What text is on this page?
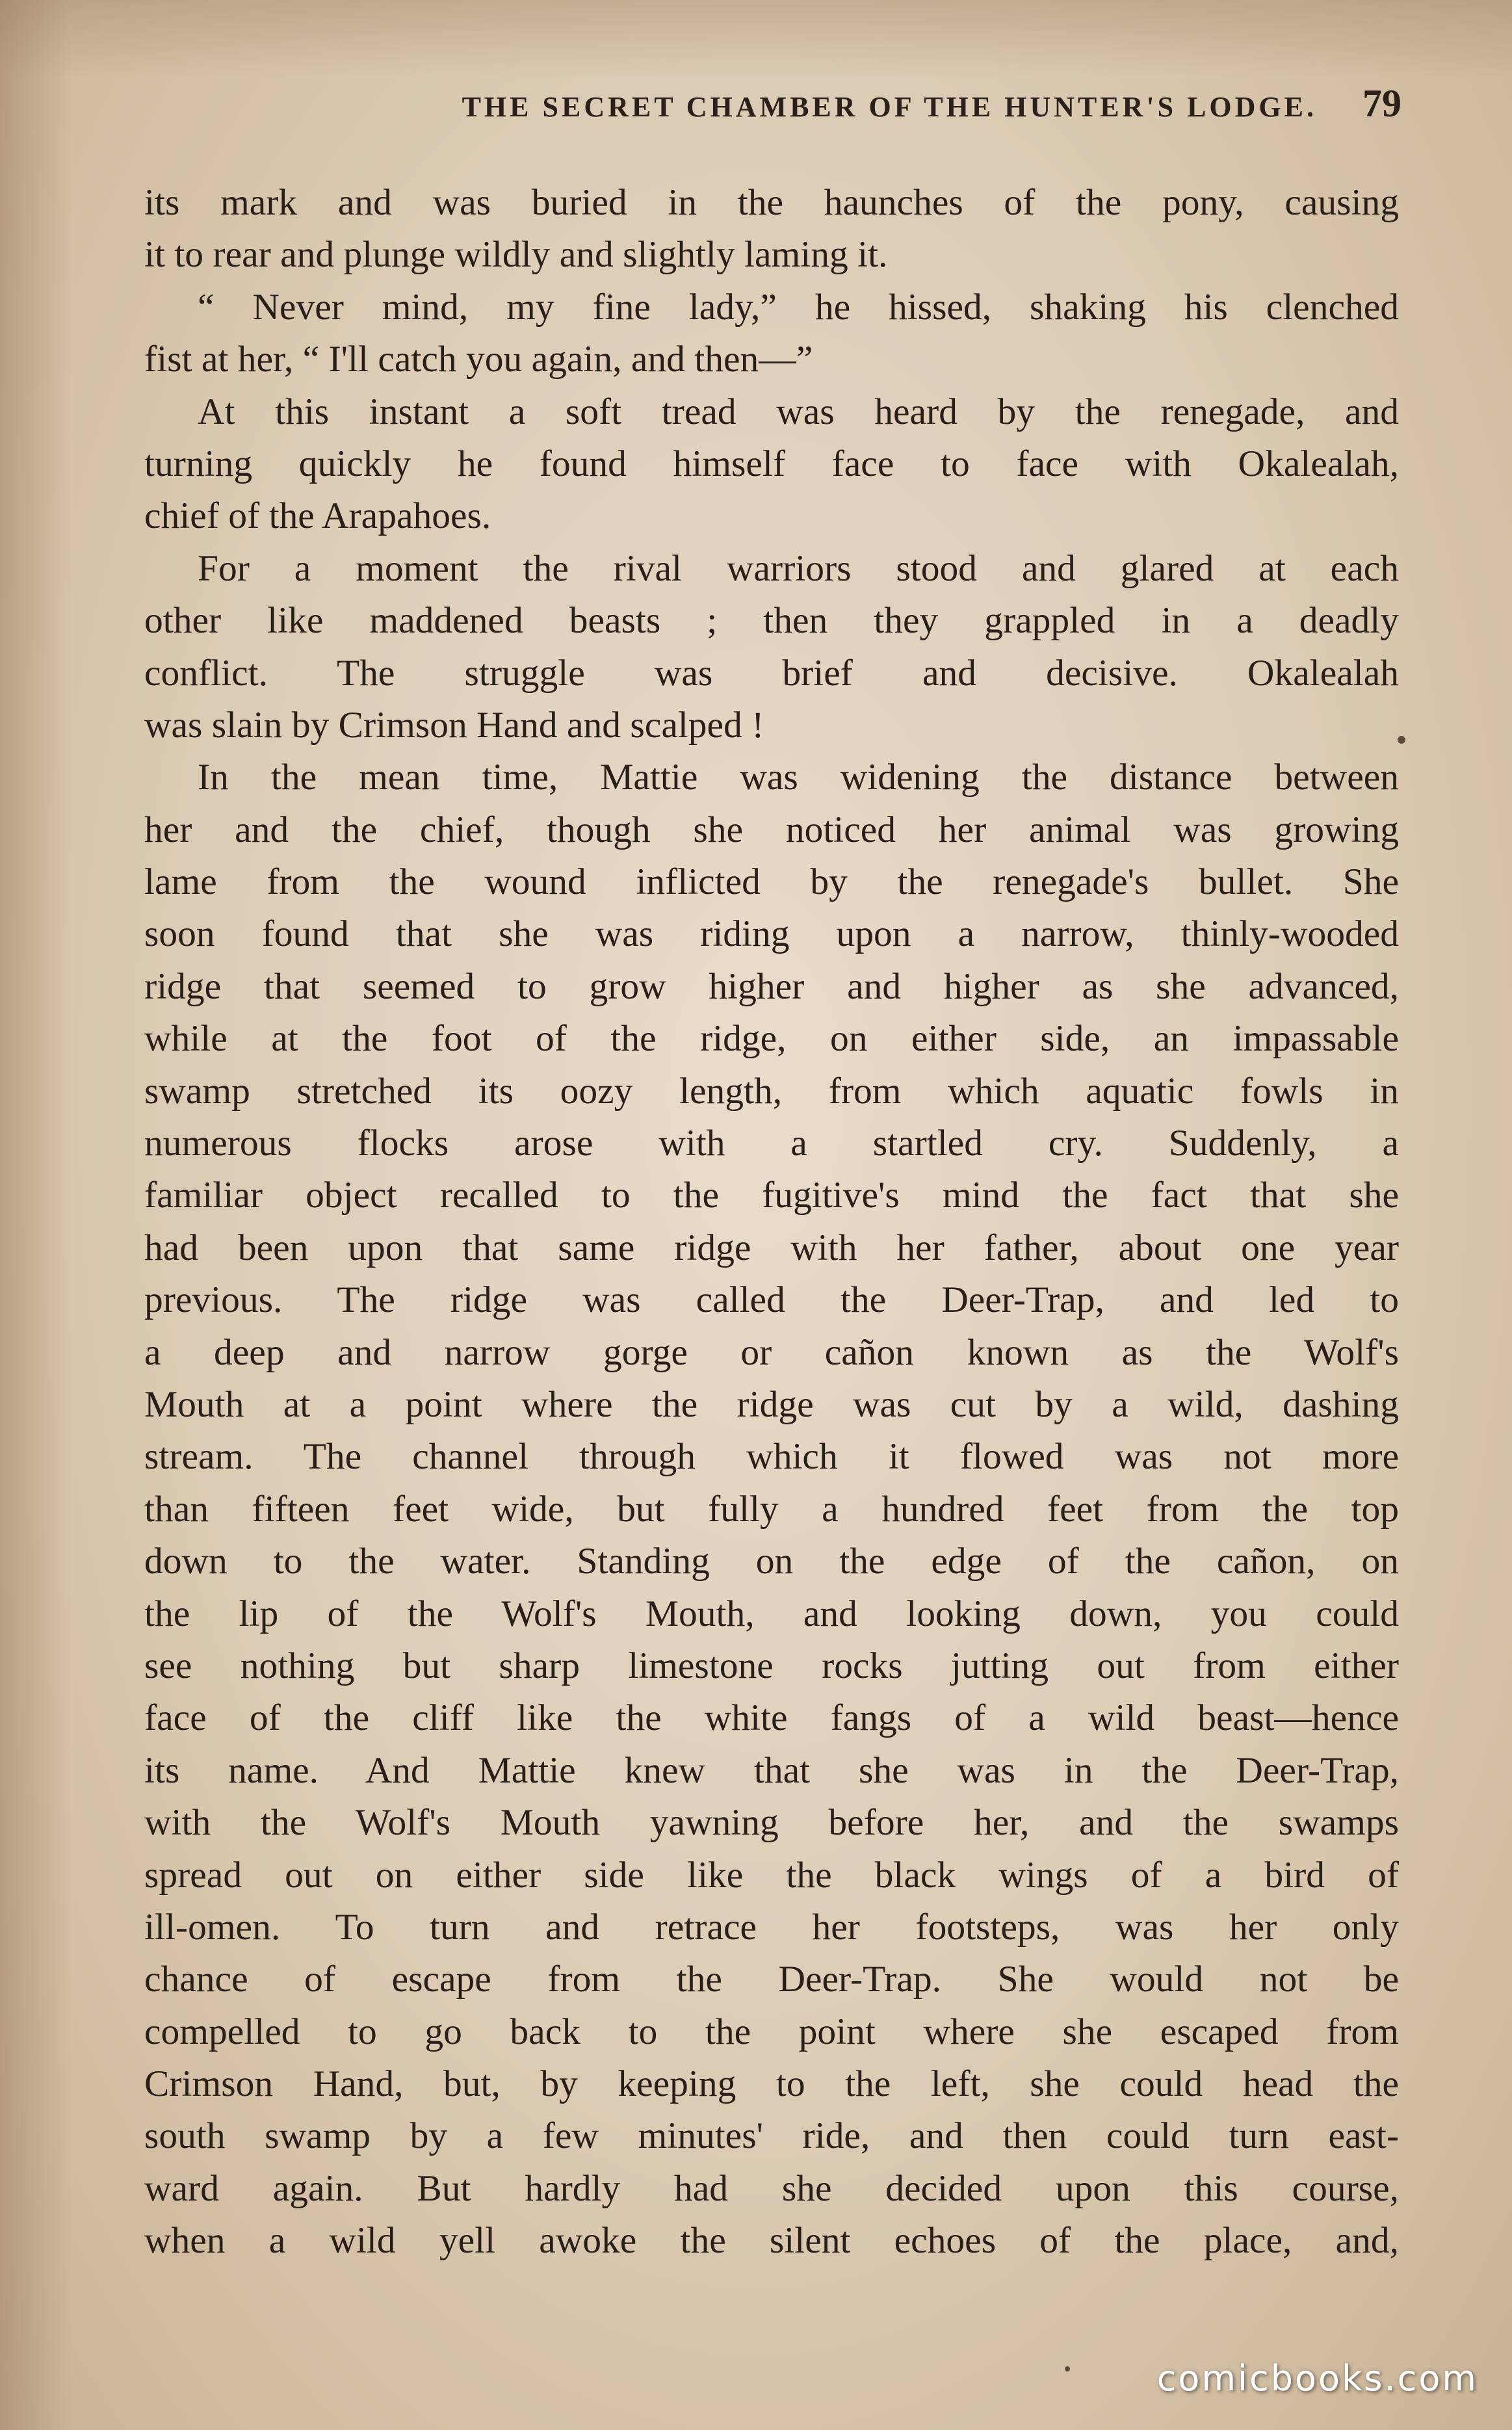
THE SECRET CHAMBER OF THE HUNTER'S LODGE. 79
its mark and was buried in the haunches of the pony, causing
it to rear and plunge wildly and slightly laming it.
“ Never mind, my fine lady,” he hissed, shaking his clenched
fist at her, “ I'll catch you again, and then—”
At this instant a soft tread was heard by the renegade, and
turning quickly he found himself face to face with Okalealah,
chief of the Arapahoes.
For a moment the rival warriors stood and glared at each
other like maddened beasts ; then they grappled in a deadly
conflict. The struggle was brief and decisive. Okalealah
was slain by Crimson Hand and scalped !
In the mean time, Mattie was widening the distance between
her and the chief, though she noticed her animal was growing
lame from the wound inflicted by the renegade's bullet. She
soon found that she was riding upon a narrow, thinly-wooded
ridge that seemed to grow higher and higher as she advanced,
while at the foot of the ridge, on either side, an impassable
swamp stretched its oozy length, from which aquatic fowls in
numerous flocks arose with a startled cry. Suddenly, a
familiar object recalled to the fugitive's mind the fact that she
had been upon that same ridge with her father, about one year
previous. The ridge was called the Deer-Trap, and led to
a deep and narrow gorge or cañon known as the Wolf's
Mouth at a point where the ridge was cut by a wild, dashing
stream. The channel through which it flowed was not more
than fifteen feet wide, but fully a hundred feet from the top
down to the water. Standing on the edge of the cañon, on
the lip of the Wolf's Mouth, and looking down, you could
see nothing but sharp limestone rocks jutting out from either
face of the cliff like the white fangs of a wild beast—hence
its name. And Mattie knew that she was in the Deer-Trap,
with the Wolf's Mouth yawning before her, and the swamps
spread out on either side like the black wings of a bird of
ill-omen. To turn and retrace her footsteps, was her only
chance of escape from the Deer-Trap. She would not be
compelled to go back to the point where she escaped from
Crimson Hand, but, by keeping to the left, she could head the
south swamp by a few minutes' ride, and then could turn east-
ward again. But hardly had she decided upon this course,
when a wild yell awoke the silent echoes of the place, and,
comicbooks.com
